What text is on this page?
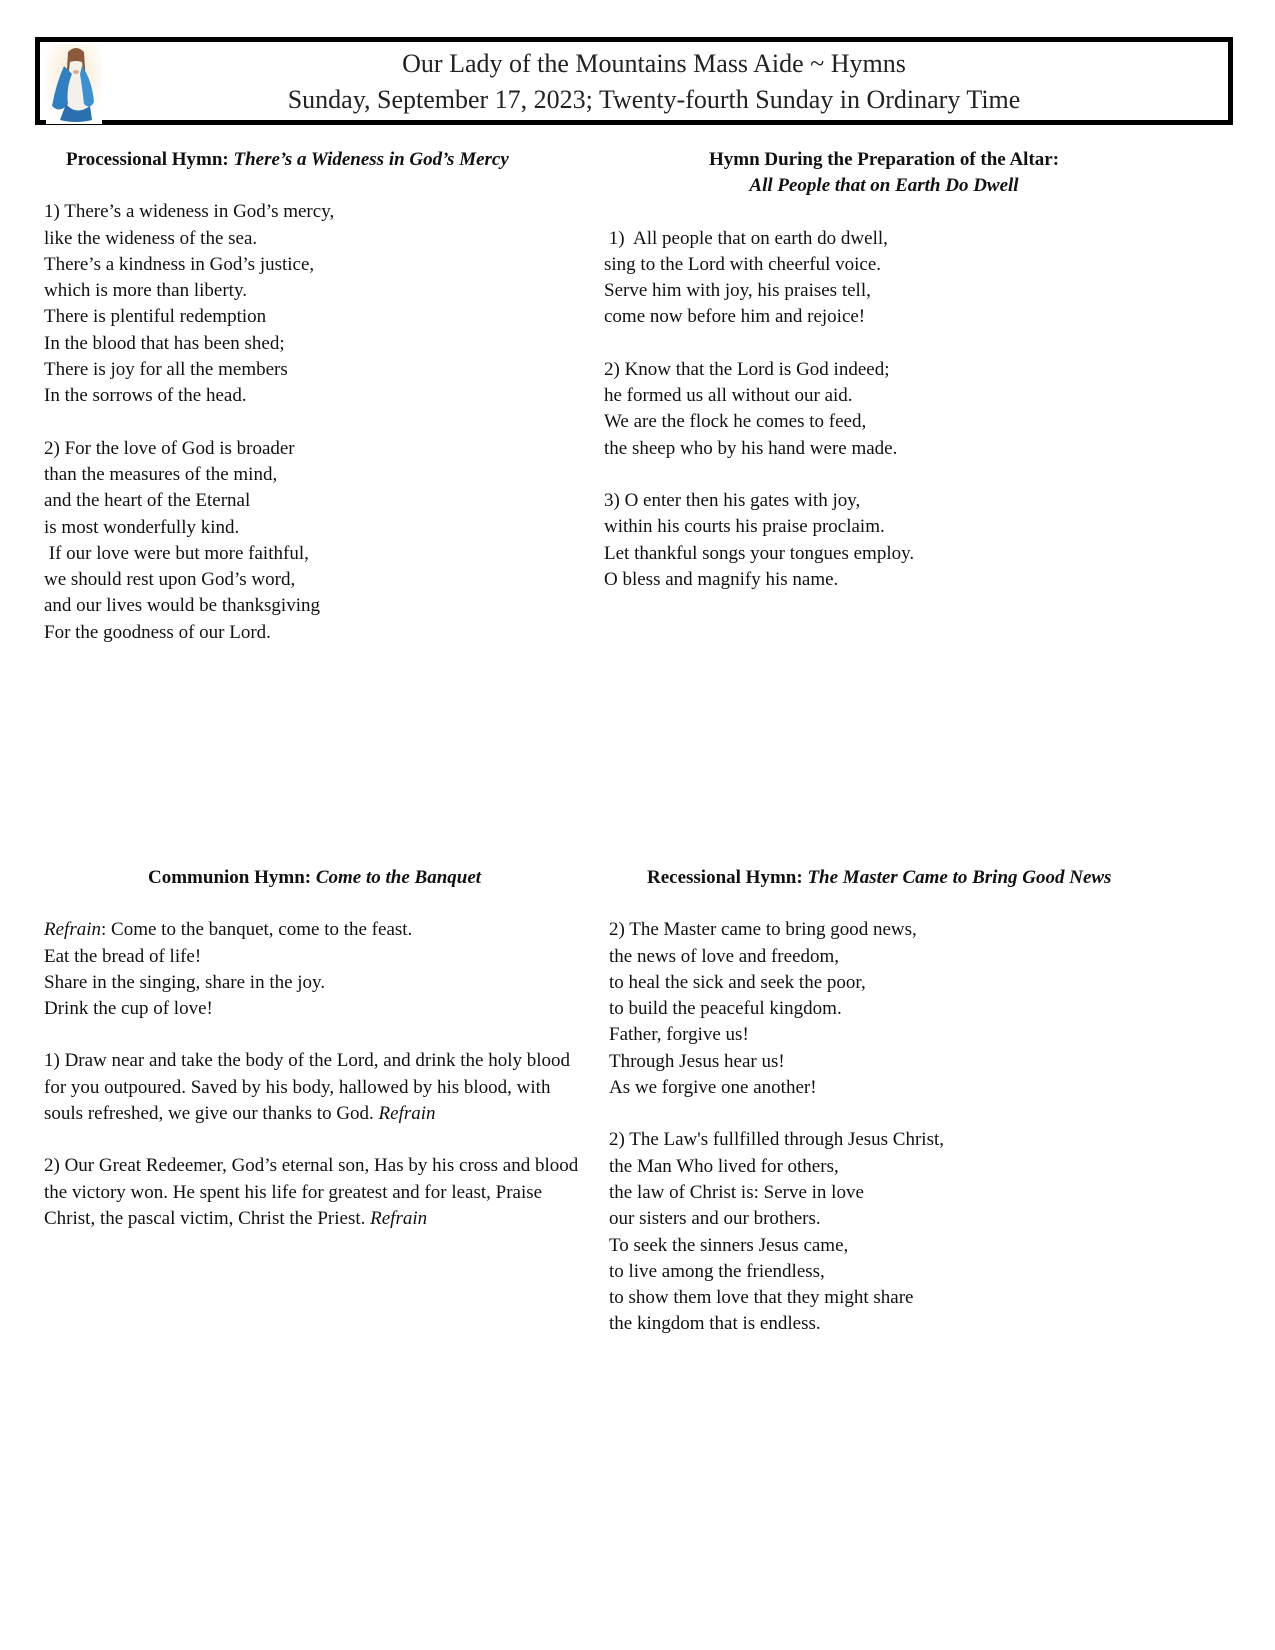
Our Lady of the Mountains Mass Aide ~ Hymns
Sunday, September 17, 2023; Twenty-fourth Sunday in Ordinary Time
Processional Hymn: There’s a Wideness in God’s Mercy
1) There’s a wideness in God’s mercy,
like the wideness of the sea.
There’s a kindness in God’s justice,
which is more than liberty.
There is plentiful redemption
In the blood that has been shed;
There is joy for all the members
In the sorrows of the head.
2) For the love of God is broader
than the measures of the mind,
and the heart of the Eternal
is most wonderfully kind.
If our love were but more faithful,
we should rest upon God’s word,
and our lives would be thanksgiving
For the goodness of our Lord.
Hymn During the Preparation of the Altar:
All People that on Earth Do Dwell
1)  All people that on earth do dwell,
sing to the Lord with cheerful voice.
Serve him with joy, his praises tell,
come now before him and rejoice!
2) Know that the Lord is God indeed;
he formed us all without our aid.
We are the flock he comes to feed,
the sheep who by his hand were made.
3) O enter then his gates with joy,
within his courts his praise proclaim.
Let thankful songs your tongues employ.
O bless and magnify his name.
Communion Hymn: Come to the Banquet
Refrain: Come to the banquet, come to the feast.
Eat the bread of life!
Share in the singing, share in the joy.
Drink the cup of love!
1) Draw near and take the body of the Lord, and drink the holy blood for you outpoured. Saved by his body, hallowed by his blood, with souls refreshed, we give our thanks to God. Refrain
2) Our Great Redeemer, God’s eternal son, Has by his cross and blood the victory won. He spent his life for greatest and for least, Praise Christ, the pascal victim, Christ the Priest. Refrain
Recessional Hymn: The Master Came to Bring Good News
2) The Master came to bring good news,
the news of love and freedom,
to heal the sick and seek the poor,
to build the peaceful kingdom.
Father, forgive us!
Through Jesus hear us!
As we forgive one another!
2) The Law's fullfilled through Jesus Christ,
the Man Who lived for others,
the law of Christ is: Serve in love
our sisters and our brothers.
To seek the sinners Jesus came,
to live among the friendless,
to show them love that they might share
the kingdom that is endless.
